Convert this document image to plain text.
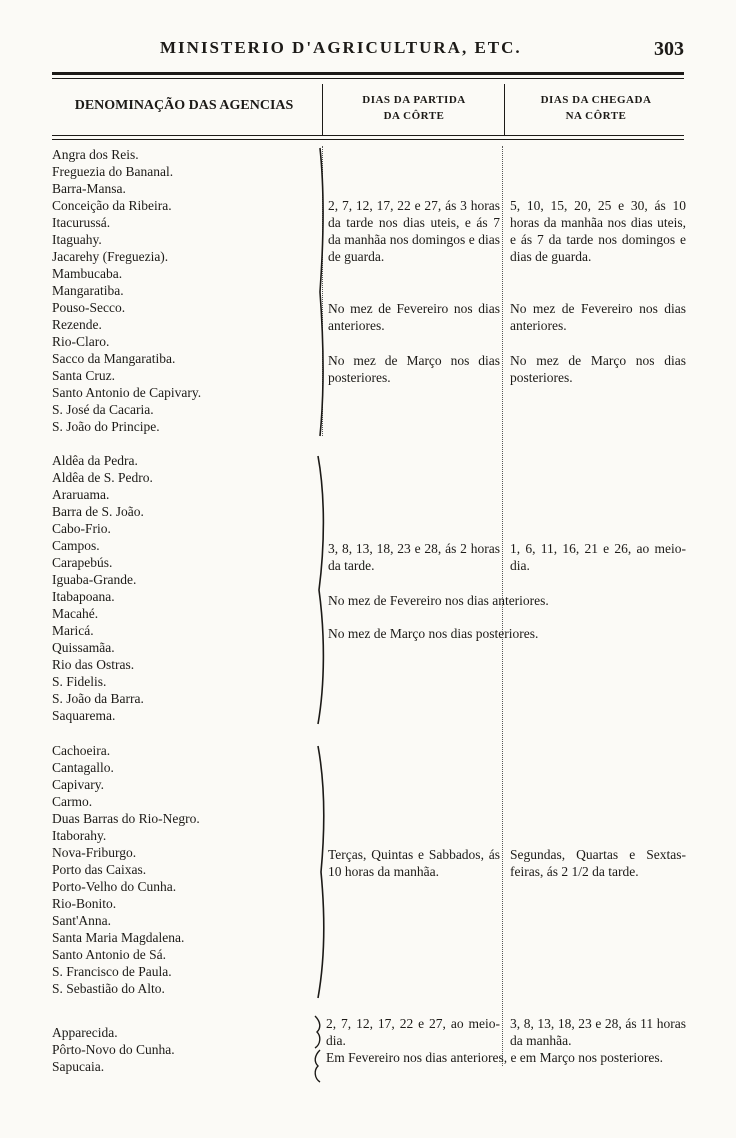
MINISTERIO D'AGRICULTURA, ETC.	303
DENOMINAÇÃO DAS AGENCIAS	DIAS DA PARTIDA
DA CÔRTE
DIAS DA CHEGADA
NA CÔRTE
Angra dos Reis.
Freguezia do Bananal.
Barra-Mansa.
Conceição da Ribeira.
Itacurussá.
Itaguahy.
Jacarehy (Freguezia).
Mambucaba.
Mangaratiba.
Pouso-Secco.
Rezende.
Rio-Claro.
Sacco da Mangaratiba.
Santa Cruz.
Santo Antonio de Capivary.
S. José da Cacaria.
S. João do Principe.
2, 7, 12, 17, 22 e 27, ás 3 horas da tarde nos dias uteis, e ás 7 da manhãa nos domingos e dias de guarda.
5, 10, 15, 20, 25 e 30, ás 10 horas da manhãa nos dias uteis, e ás 7 da tarde nos domingos e dias de guarda.
No mez de Fevereiro nos dias anteriores.
No mez de Fevereiro nos dias anteriores.
No mez de Março nos dias posteriores.
No mez de Março nos dias posteriores.
Aldêa da Pedra.
Aldêa de S. Pedro.
Araruama.
Barra de S. João.
Cabo-Frio.
Campos.
Carapebús.
Iguaba-Grande.
Itabapoana.
Macahé.
Maricá.
Quissamãa.
Rio das Ostras.
S. Fidelis.
S. João da Barra.
Saquarema.
3, 8, 13, 18, 23 e 28, ás 2 horas da tarde.
1, 6, 11, 16, 21 e 26, ao meio-dia.
No mez de Fevereiro nos dias anteriores.
No mez de Março nos dias posteriores.
Cachoeira.
Cantagallo.
Capivary.
Carmo.
Duas Barras do Rio-Negro.
Itaborahy.
Nova-Friburgo.
Porto das Caixas.
Porto-Velho do Cunha.
Rio-Bonito.
Sant'Anna.
Santa Maria Magdalena.
Santo Antonio de Sá.
S. Francisco de Paula.
S. Sebastião do Alto.
Terças, Quintas e Sabbados, ás 10 horas da manhãa.
Segundas, Quartas e Sextas-feiras, ás 2 1/2 da tarde.
Apparecida.
Pôrto-Novo do Cunha.
Sapucaia.
2, 7, 12, 17, 22 e 27, ao meio-dia.
3, 8, 13, 18, 23 e 28, ás 11 horas da manhãa.
Em Fevereiro nos dias anteriores, e em Março nos posteriores.
